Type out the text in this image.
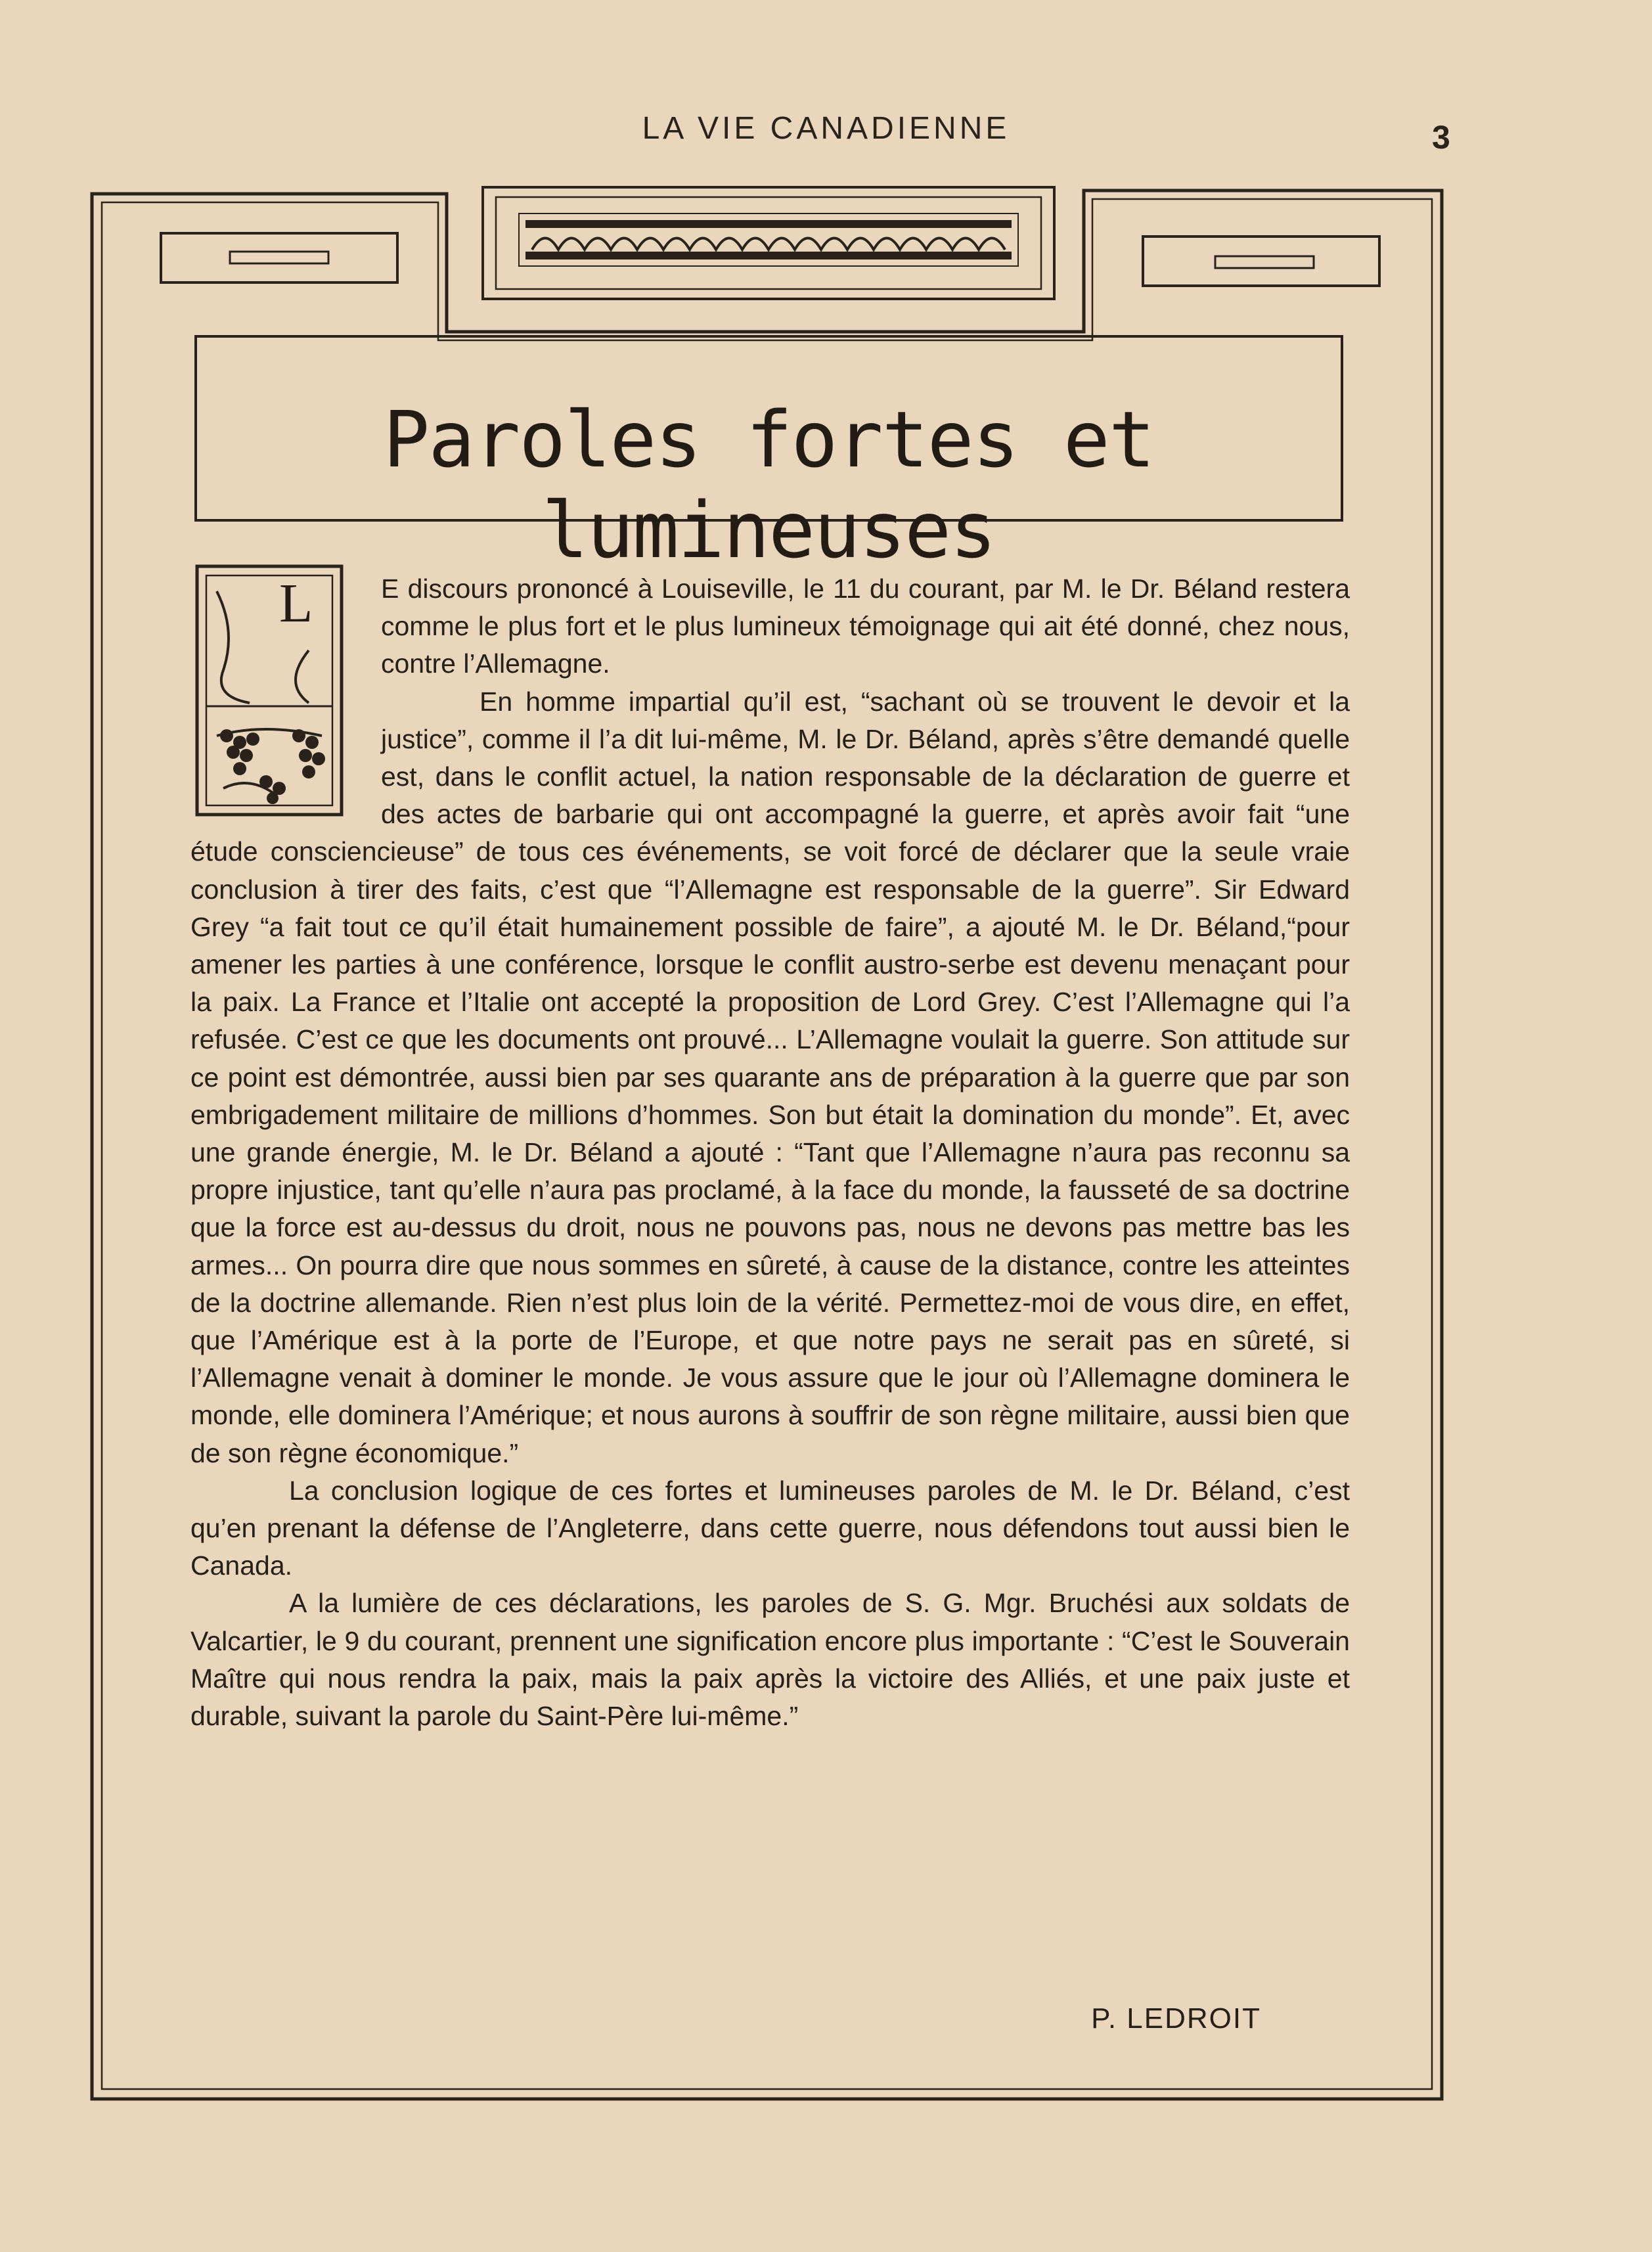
LA VIE CANADIENNE	3
Paroles fortes et lumineuses
L	E discours prononcé à Louiseville, le 11 du courant, par M. le Dr. Béland restera comme le plus fort et le plus lumineux témoignage qui ait été donné, chez nous, contre l’Allemagne.

En homme impartial qu’il est, “sachant où se trouvent le devoir et la justice”, comme il l’a dit lui-même, M. le Dr. Béland, après s’être demandé quelle est, dans le conflit actuel, la nation responsable de la déclaration de guerre et des actes de barbarie qui ont accompagné la guerre, et après avoir fait “une étude consciencieuse” de tous ces événements, se voit forcé de déclarer que la seule vraie conclusion à tirer des faits, c’est que “l’Allemagne est responsable de la guerre”. Sir Edward Grey “a fait tout ce qu’il était humainement possible de faire”, a ajouté M. le Dr. Béland,“pour amener les parties à une conférence, lorsque le conflit austro-serbe est devenu menaçant pour la paix. La France et l’Italie ont accepté la proposition de Lord Grey. C’est l’Allemagne qui l’a refusée. C’est ce que les documents ont prouvé... L’Allemagne voulait la guerre. Son attitude sur ce point est démontrée, aussi bien par ses quarante ans de préparation à la guerre que par son embrigadement militaire de millions d’hommes. Son but était la domination du monde”. Et, avec une grande énergie, M. le Dr. Béland a ajouté : “Tant que l’Allemagne n’aura pas reconnu sa propre injustice, tant qu’elle n’aura pas proclamé, à la face du monde, la fausseté de sa doctrine que la force est au-dessus du droit, nous ne pouvons pas, nous ne devons pas mettre bas les armes... On pourra dire que nous sommes en sûreté, à cause de la distance, contre les atteintes de la doctrine allemande. Rien n’est plus loin de la vérité. Permettez-moi de vous dire, en effet, que l’Amérique est à la porte de l’Europe, et que notre pays ne serait pas en sûreté, si l’Allemagne venait à dominer le monde. Je vous assure que le jour où l’Allemagne dominera le monde, elle dominera l’Amérique; et nous aurons à souffrir de son règne militaire, aussi bien que de son règne économique.”

La conclusion logique de ces fortes et lumineuses paroles de M. le Dr. Béland, c’est qu’en prenant la défense de l’Angleterre, dans cette guerre, nous défendons tout aussi bien le Canada.

A la lumière de ces déclarations, les paroles de S. G. Mgr. Bruchési aux soldats de Valcartier, le 9 du courant, prennent une signification encore plus importante : “C’est le Souverain Maître qui nous rendra la paix, mais la paix après la victoire des Alliés, et une paix juste et durable, suivant la parole du Saint-Père lui-même.”

P. LEDROIT
